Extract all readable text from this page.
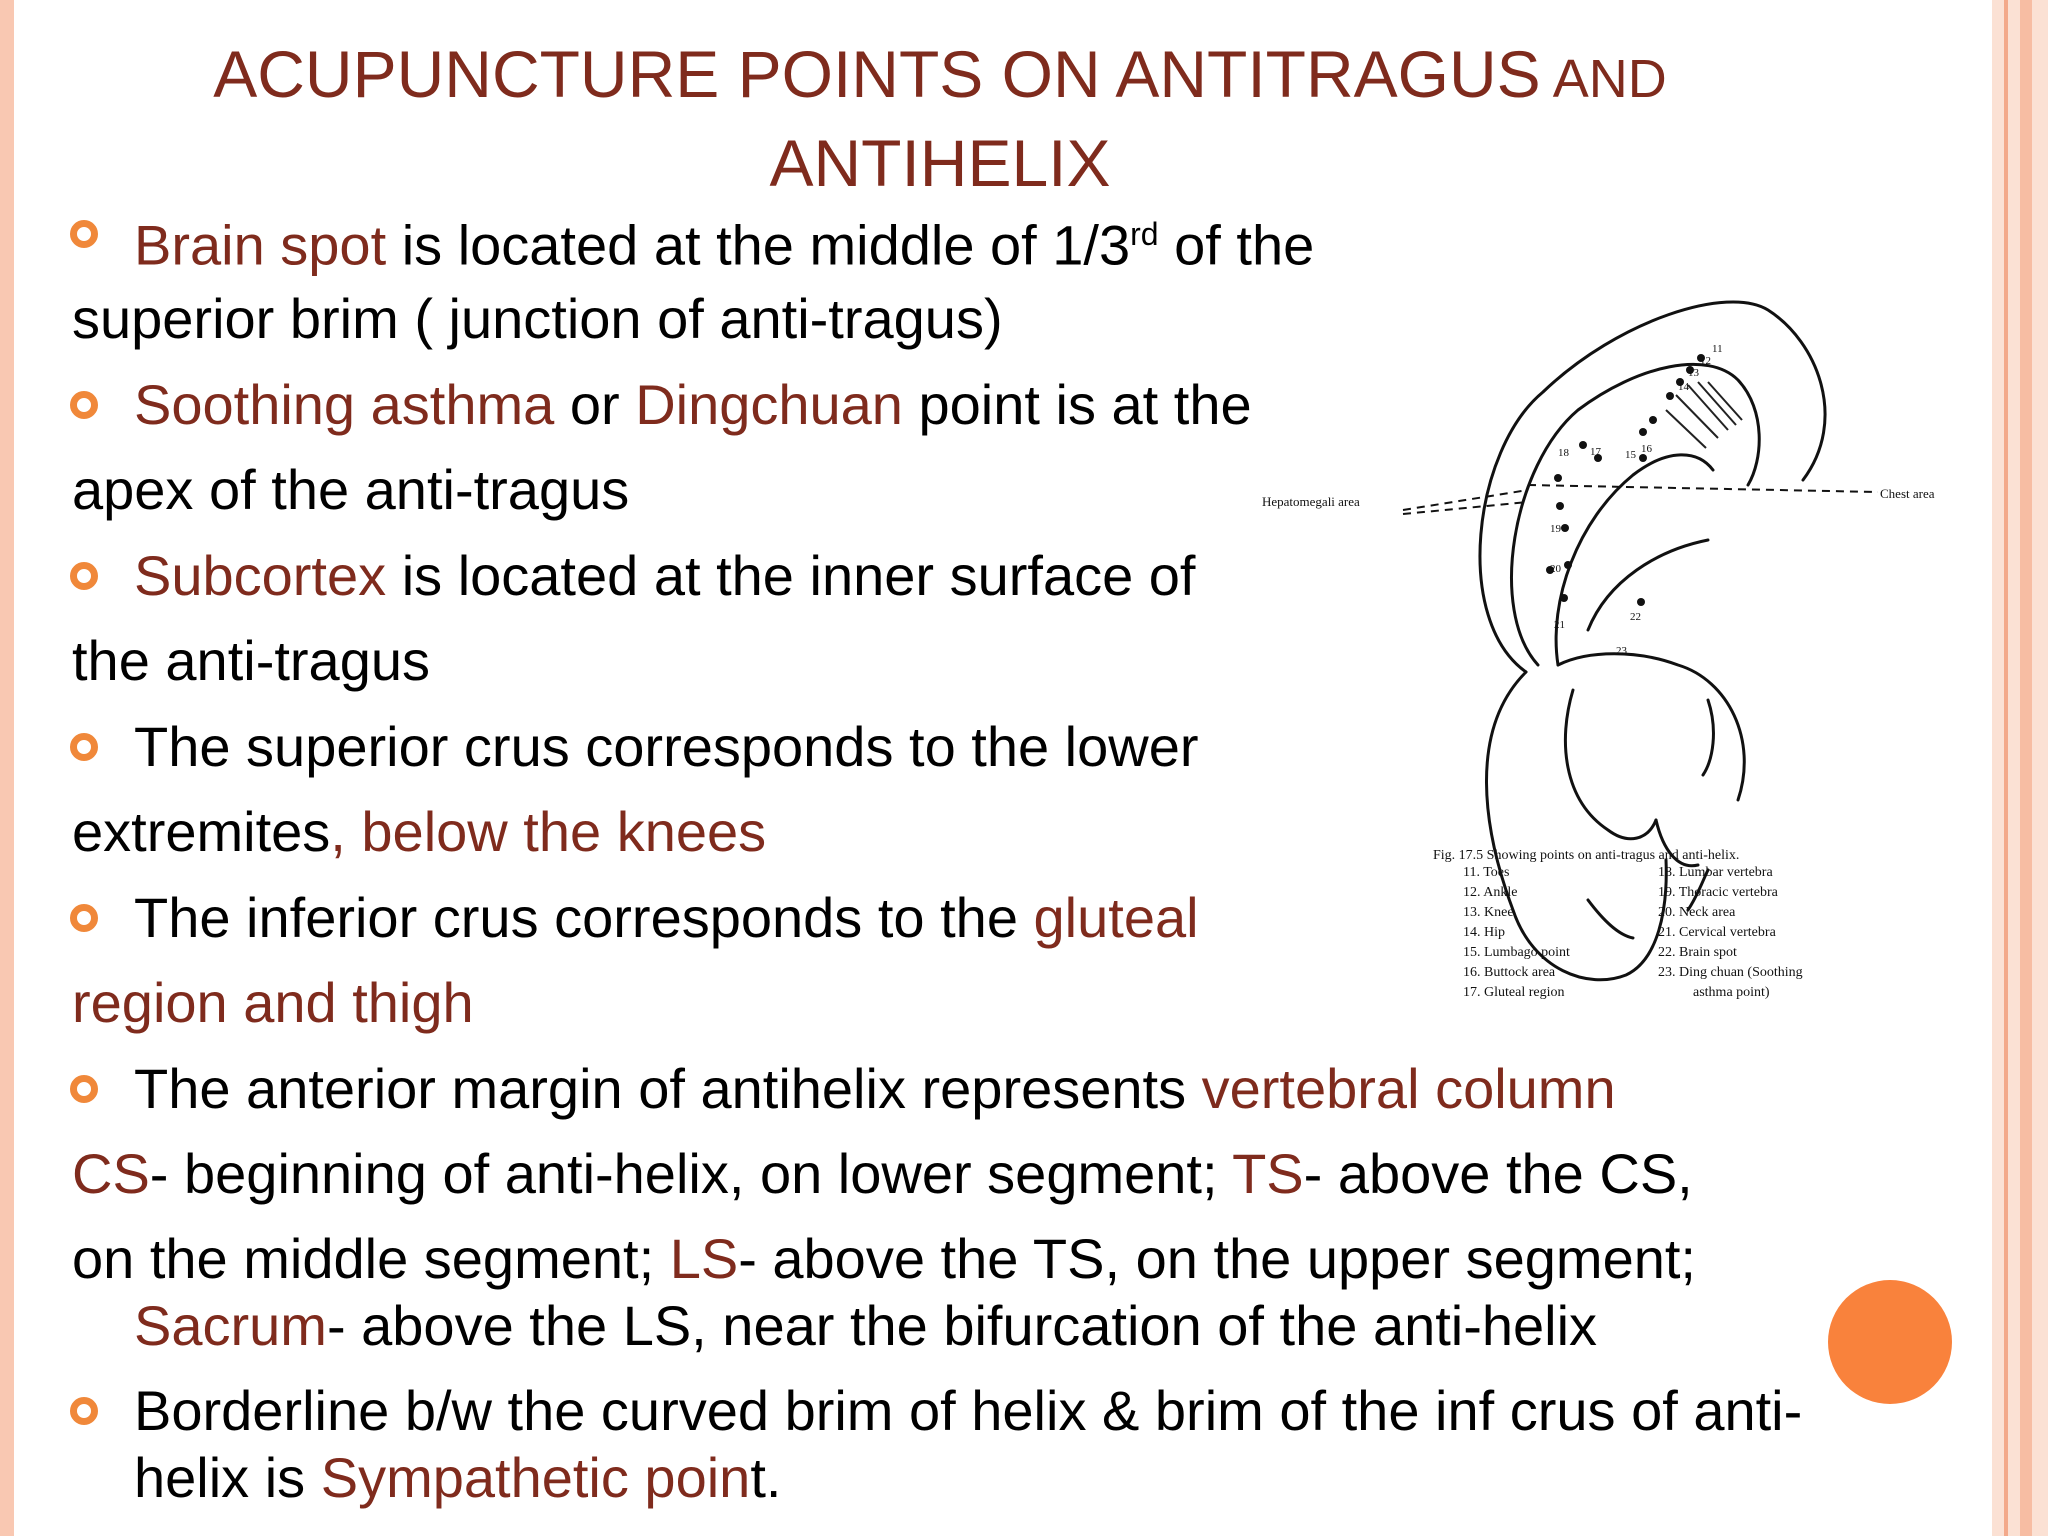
ACUPUNCTURE POINTS ON ANTITRAGUS AND
ANTIHELIX

Brain spot is located at the middle of 1/3rd of the

superior brim ( junction of anti-tragus)

Soothing asthma or Dingchuan point is at the

apex of the anti-tragus

Subcortex is located at the inner surface of

the anti-tragus

The superior crus corresponds to the lower

extremites, below the knees

The inferior crus corresponds to the gluteal

region and thigh

The anterior margin of antihelix represents vertebral column

CS- beginning of anti-helix, on lower segment; TS- above the CS,

on the middle segment; LS- above the TS, on the upper segment;

Sacrum- above the LS, near the bifurcation of the anti-helix

Borderline b/w the curved brim of helix & brim of the inf crus of anti-

helix is Sympathetic point.

18 17 15 16
19
20
21
22
23
14
13
12
11
Hepatomegali area
Chest area
Fig. 17.5 Showing points on anti-tragus and anti-helix.
11. Toes
12. Ankle
13. Knee
14. Hip
15. Lumbago point
16. Buttock area
17. Gluteal region
18. Lumbar vertebra
19. Thoracic vertebra
20. Neck area
21. Cervical vertebra
22. Brain spot
23. Ding chuan (Soothing
asthma point)
